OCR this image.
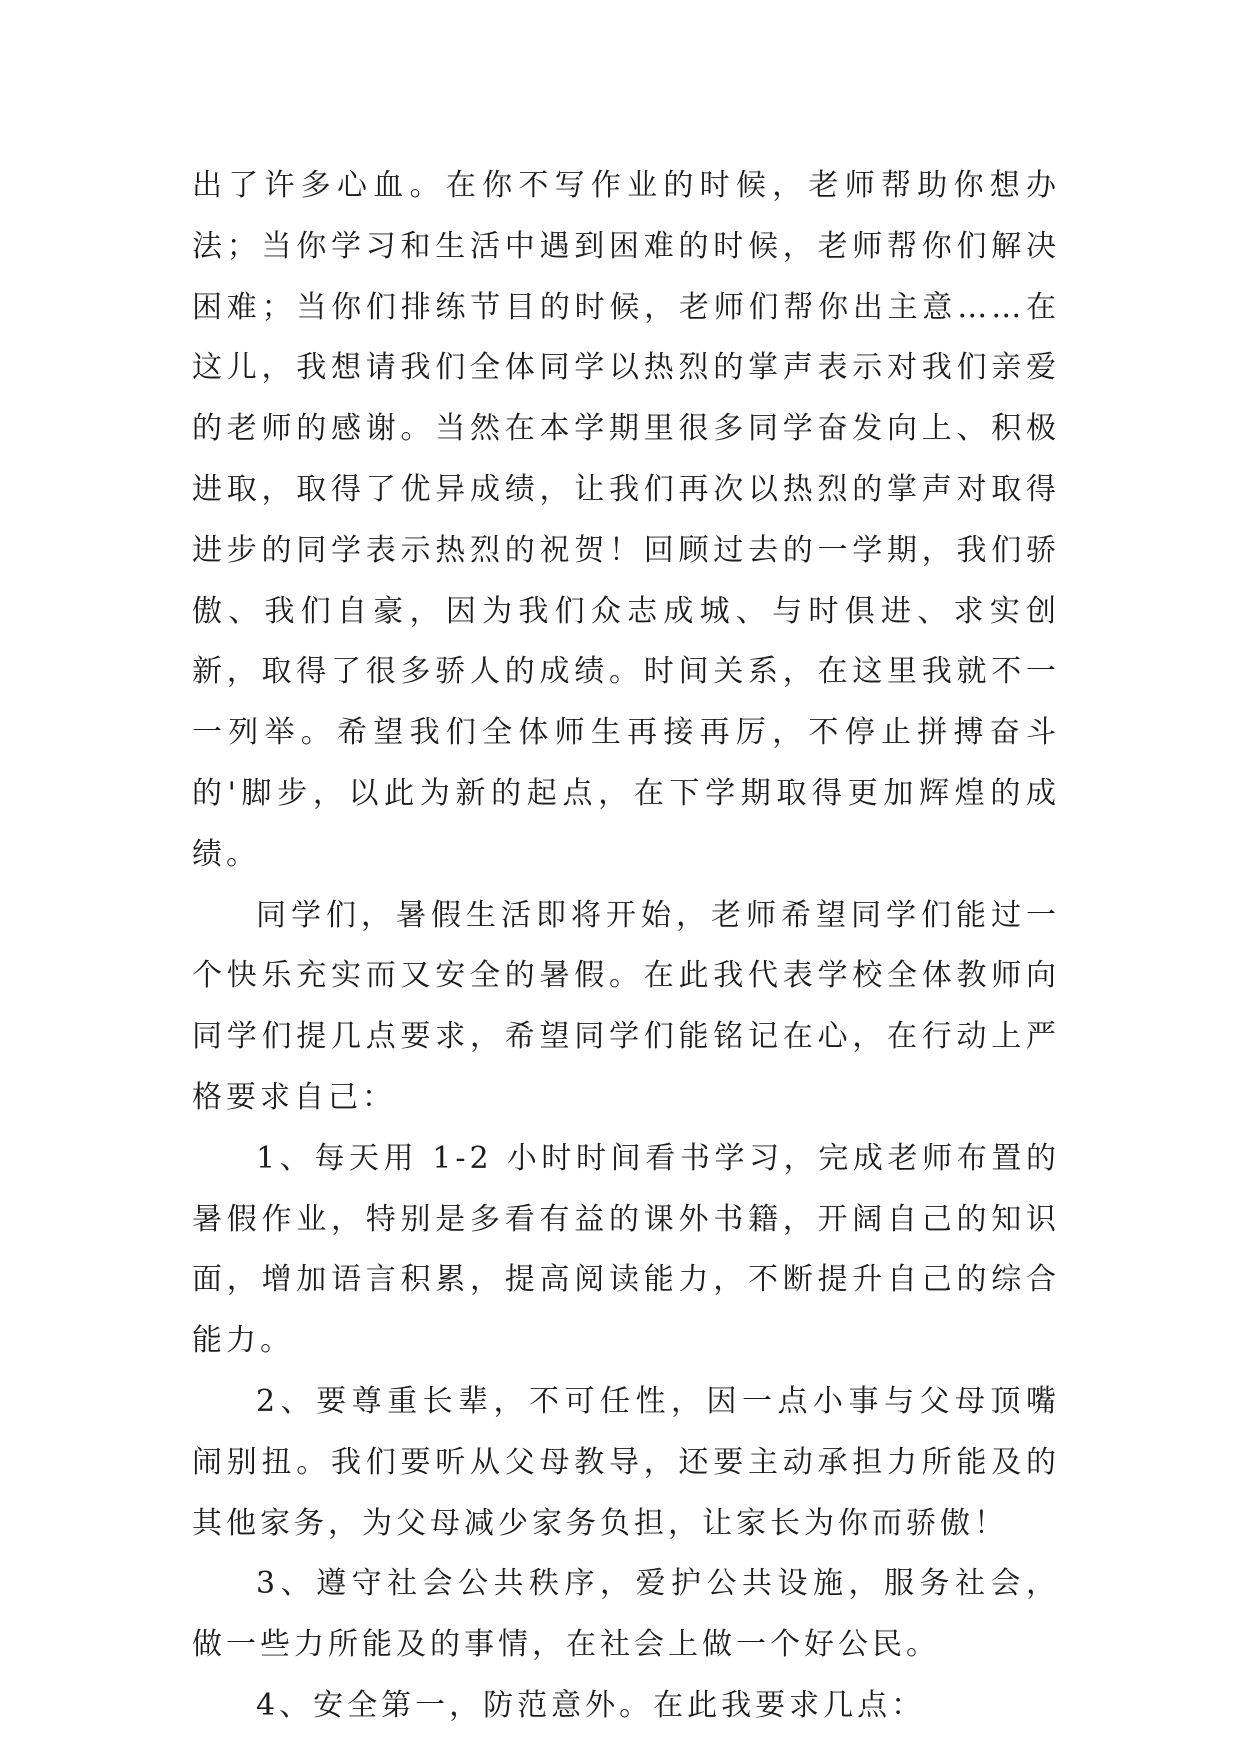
出了许多心血。在你不写作业的时候，老师帮助你想办法；当你学习和生活中遇到困难的时候，老师帮你们解决困难；当你们排练节目的时候，老师们帮你出主意……在这儿，我想请我们全体同学以热烈的掌声表示对我们亲爱的老师的感谢。当然在本学期里很多同学奋发向上、积极进取，取得了优异成绩，让我们再次以热烈的掌声对取得进步的同学表示热烈的祝贺！回顾过去的一学期，我们骄傲、我们自豪，因为我们众志成城、与时俱进、求实创新，取得了很多骄人的成绩。时间关系，在这里我就不一一列举。希望我们全体师生再接再厉，不停止拼搏奋斗的'脚步，以此为新的起点，在下学期取得更加辉煌的成绩。

同学们，暑假生活即将开始，老师希望同学们能过一个快乐充实而又安全的暑假。在此我代表学校全体教师向同学们提几点要求，希望同学们能铭记在心，在行动上严格要求自己：

1、每天用 1-2 小时时间看书学习，完成老师布置的暑假作业，特别是多看有益的课外书籍，开阔自己的知识面，增加语言积累，提高阅读能力，不断提升自己的综合能力。

2、要尊重长辈，不可任性，因一点小事与父母顶嘴闹别扭。我们要听从父母教导，还要主动承担力所能及的其他家务，为父母减少家务负担，让家长为你而骄傲！

3、遵守社会公共秩序，爱护公共设施，服务社会，做一些力所能及的事情，在社会上做一个好公民。

4、安全第一，防范意外。在此我要求几点：
